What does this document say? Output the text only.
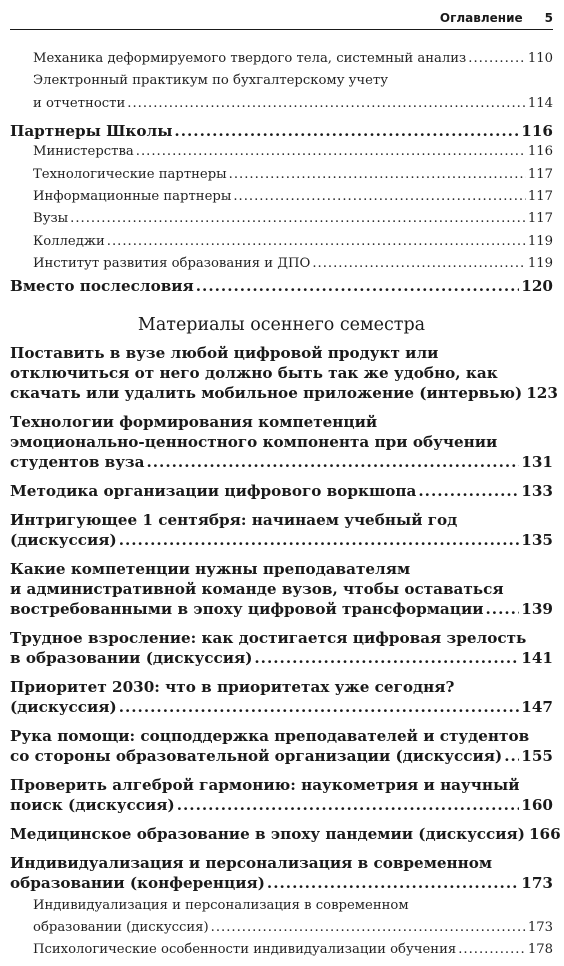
Оглавление 5
Механика деформируемого твердого тела, системный анализ .....	110
Электронный практикум по бухгалтерскому учету
и отчетности .....	114
Партнеры Школы .....	116
Министерства .....	116
Технологические партнеры .....	117
Информационные партнеры .....	117
Вузы .....	117
Колледжи .....	119
Институт развития образования и ДПО .....	119
Вместо послесловия .....	120
Материалы осеннего семестра
Поставить в вузе любой цифровой продукт или
отключиться от него должно быть так же удобно, как
скачать или удалить мобильное приложение (интервью) 123
Технологии формирования компетенций
эмоционально-ценностного компонента при обучении
студентов вуза .....	131
Методика организации цифрового воркшопа .....	133
Интригующее 1 сентября: начинаем учебный год
(дискуссия) .....	135
Какие компетенции нужны преподавателям
и административной команде вузов, чтобы оставаться
востребованными в эпоху цифровой трансформации ..... 139
Трудное взросление: как достигается цифровая зрелость
в образовании (дискуссия) .....	141
Приоритет 2030: что в приоритетах уже сегодня?
(дискуссия) .....	147
Рука помощи: соцподдержка преподавателей и студентов
со стороны образовательной организации (дискуссия) ..... 155
Проверить алгеброй гармонию: наукометрия и научный
поиск (дискуссия) .....	160
Медицинское образование в эпоху пандемии (дискуссия) 166
Индивидуализация и персонализация в современном
образовании (конференция) .....	173
Индивидуализация и персонализация в современном
образовании (дискуссия) .....	173
Психологические особенности индивидуализации обучения .....	178
